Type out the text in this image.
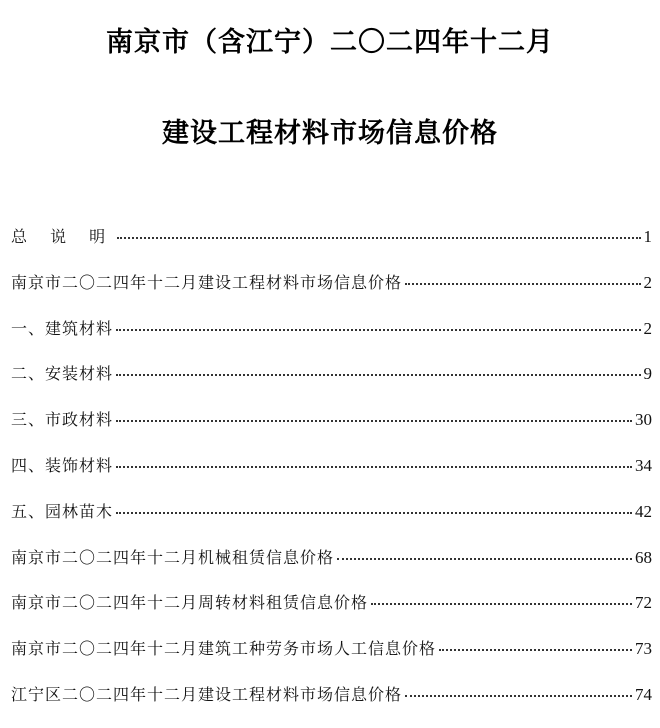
南京市（含江宁）二〇二四年十二月
建设工程材料市场信息价格
总 说 明	1
南京市二〇二四年十二月建设工程材料市场信息价格	2
一、建筑材料	2
二、安装材料	9
三、市政材料	30
四、装饰材料	34
五、园林苗木	42
南京市二〇二四年十二月机械租赁信息价格	68
南京市二〇二四年十二月周转材料租赁信息价格	72
南京市二〇二四年十二月建筑工种劳务市场人工信息价格	73
江宁区二〇二四年十二月建设工程材料市场信息价格	74
